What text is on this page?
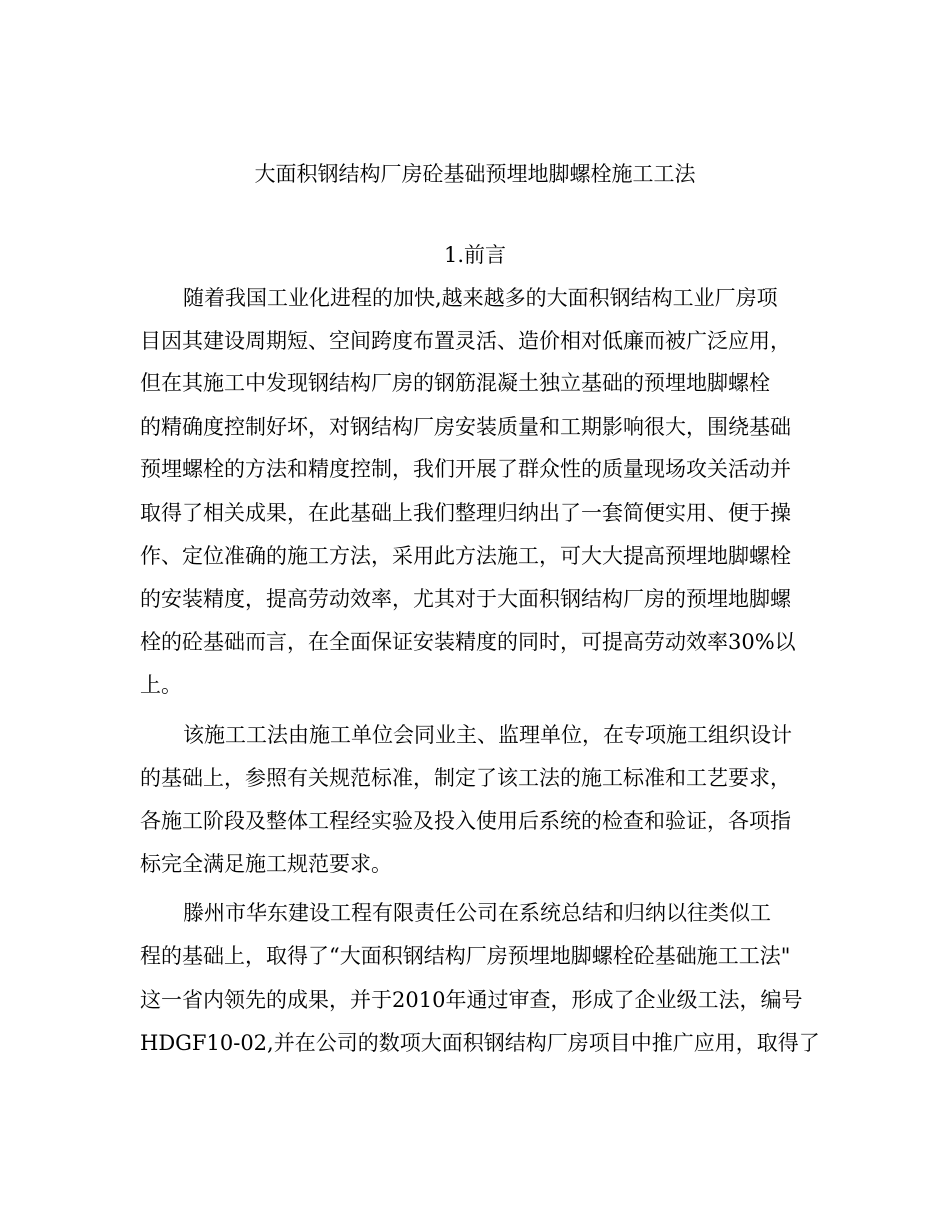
大面积钢结构厂房砼基础预埋地脚螺栓施工工法
1.前言
随着我国工业化进程的加快,越来越多的大面积钢结构工业厂房项
目因其建设周期短、空间跨度布置灵活、造价相对低廉而被广泛应用，
但在其施工中发现钢结构厂房的钢筋混凝土独立基础的预埋地脚螺栓
的精确度控制好坏，对钢结构厂房安装质量和工期影响很大，围绕基础
预埋螺栓的方法和精度控制，我们开展了群众性的质量现场攻关活动并
取得了相关成果，在此基础上我们整理归纳出了一套简便实用、便于操
作、定位准确的施工方法，采用此方法施工，可大大提高预埋地脚螺栓
的安装精度，提高劳动效率，尤其对于大面积钢结构厂房的预埋地脚螺
栓的砼基础而言，在全面保证安装精度的同时，可提高劳动效率30%以
上。
该施工工法由施工单位会同业主、监理单位，在专项施工组织设计
的基础上，参照有关规范标准，制定了该工法的施工标准和工艺要求，
各施工阶段及整体工程经实验及投入使用后系统的检查和验证，各项指
标完全满足施工规范要求。
滕州市华东建设工程有限责任公司在系统总结和归纳以往类似工
程的基础上，取得了“大面积钢结构厂房预埋地脚螺栓砼基础施工工法"
这一省内领先的成果，并于2010年通过审查，形成了企业级工法，编号
HDGF10-02,并在公司的数项大面积钢结构厂房项目中推广应用，取得了
